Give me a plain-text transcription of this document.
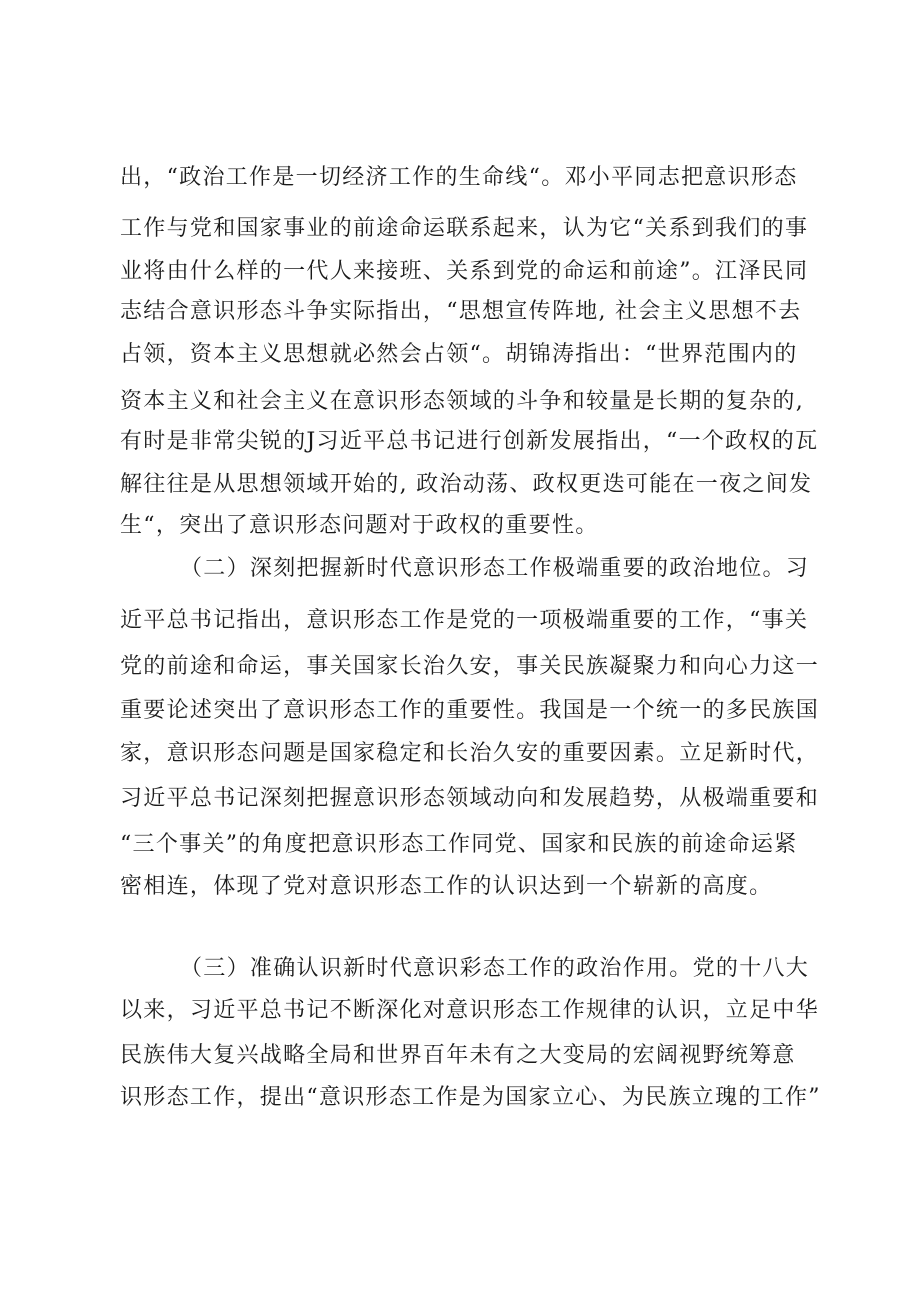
出，“政治工作是一切经济工作的生命线“。邓小平同志把意识形态
工作与党和国家事业的前途命运联系起来，认为它“关系到我们的事
业将由什么样的一代人来接班、关系到党的命运和前途”。江泽民同
志结合意识形态斗争实际指出，“思想宣传阵地, 社会主义思想不去
占领，资本主义思想就必然会占领“。胡锦涛指出：“世界范围内的
资本主义和社会主义在意识形态领域的斗争和较量是长期的复杂的,
有时是非常尖锐的J习近平总书记进行创新发展指出，“一个政权的瓦
解往往是从思想领域开始的, 政治动荡、政权更迭可能在一夜之间发
生“，突出了意识形态问题对于政权的重要性。
（二）深刻把握新时代意识形态工作极端重要的政治地位。习
近平总书记指出，意识形态工作是党的一项极端重要的工作，“事关
党的前途和命运，事关国家长治久安，事关民族凝聚力和向心力这一
重要论述突出了意识形态工作的重要性。我国是一个统一的多民族国
家，意识形态问题是国家稳定和长治久安的重要因素。立足新时代，
习近平总书记深刻把握意识形态领域动向和发展趋势，从极端重要和
“三个事关”的角度把意识形态工作同党、国家和民族的前途命运紧
密相连，体现了党对意识形态工作的认识达到一个崭新的高度。
（三）准确认识新时代意识彩态工作的政治作用。党的十八大
以来，习近平总书记不断深化对意识形态工作规律的认识，立足中华
民族伟大复兴战略全局和世界百年未有之大变局的宏阔视野统筹意
识形态工作，提出“意识形态工作是为国家立心、为民族立瑰的工作”
